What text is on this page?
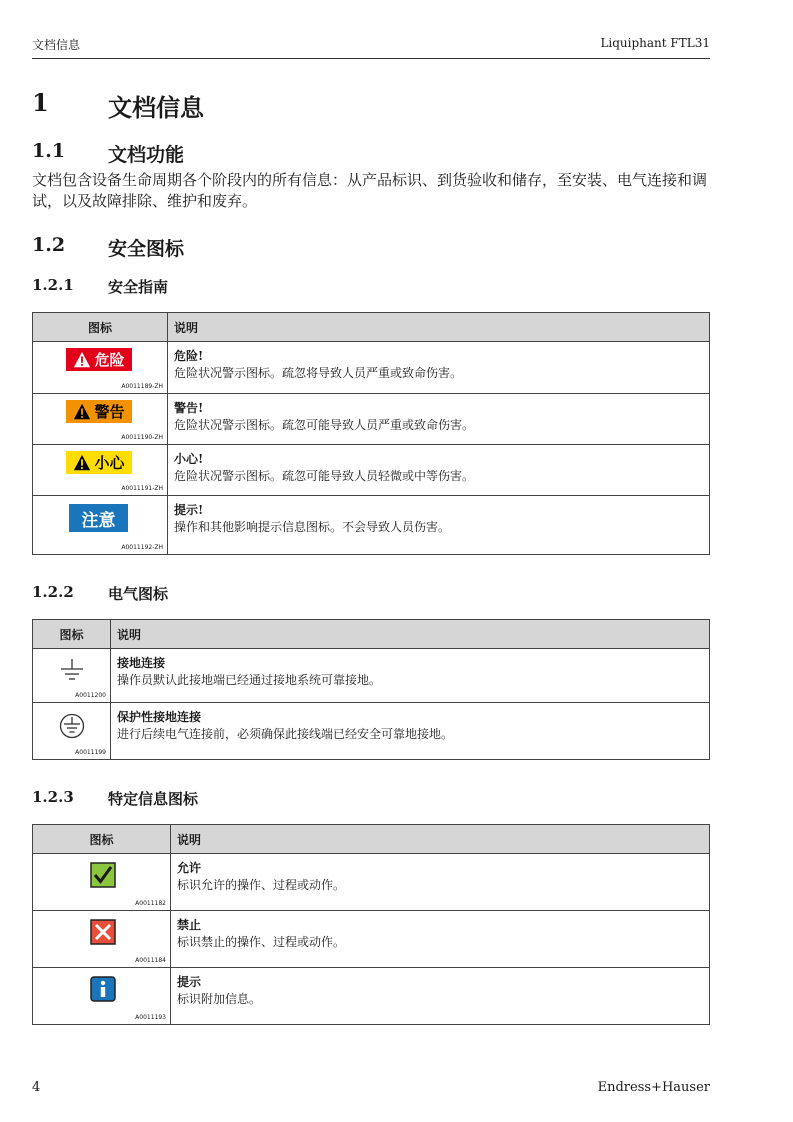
文档信息	Liquiphant FTL31
1	文档信息
1.1	文档功能
文档包含设备生命周期各个阶段内的所有信息：从产品标识、到货验收和储存，至安装、电气连接和调试，以及故障排除、维护和废弃。
1.2	安全图标
1.2.1	安全指南
图标	说明

危险
A0011189-ZH	危险!
危险状况警示图标。疏忽将导致人员严重或致命伤害。

警告
A0011190-ZH	警告!
危险状况警示图标。疏忽可能导致人员严重或致命伤害。

小心
A0011191-ZH	小心!
危险状况警示图标。疏忽可能导致人员轻微或中等伤害。

注意
A0011192-ZH	提示!
操作和其他影响提示信息图标。不会导致人员伤害。
1.2.2	电气图标
图标	说明

A0011200	接地连接
操作员默认此接地端已经通过接地系统可靠接地。

A0011199	保护性接地连接
进行后续电气连接前，必须确保此接线端已经安全可靠地接地。
1.2.3	特定信息图标
图标	说明

A0011182	允许
标识允许的操作、过程或动作。

A0011184	禁止
标识禁止的操作、过程或动作。

A0011193	提示
标识附加信息。
4	Endress+Hauser
